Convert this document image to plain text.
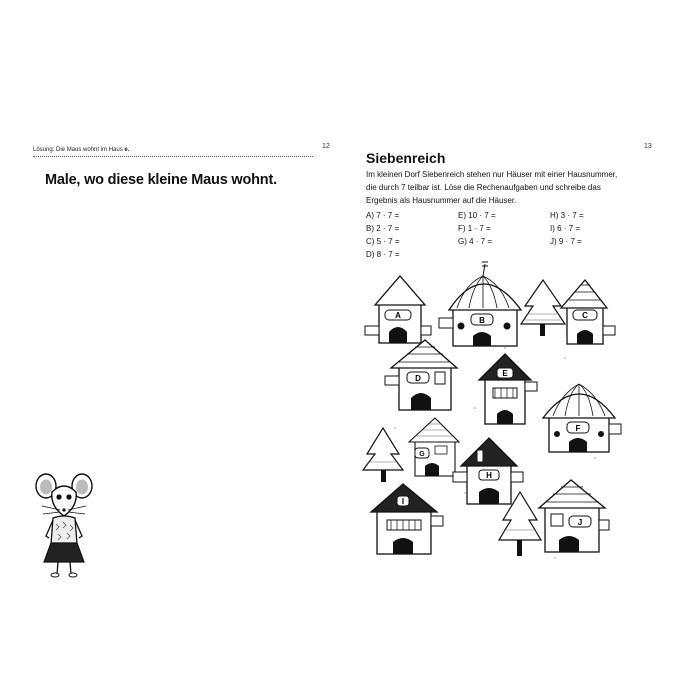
12
Lösung: Die Maus wohnt im Haus e.
Male, wo diese kleine Maus wohnt.
13
Siebenreich
Im kleinen Dorf Siebenreich stehen nur Häuser mit einer Hausnummer,
die durch 7 teilbar ist. Löse die Rechenaufgaben und schreibe das
Ergebnis als Hausnummer auf die Häuser.
A) 7 · 7 =
B) 2 · 7 =
C) 5 · 7 =
D) 8 · 7 =
E) 10 · 7 =
F) 1 · 7 =
G) 4 · 7 =
H) 3 · 7 =
I) 6 · 7 =
J) 9 · 7 =
A
B
C
D
E
F
G
H
I
J
